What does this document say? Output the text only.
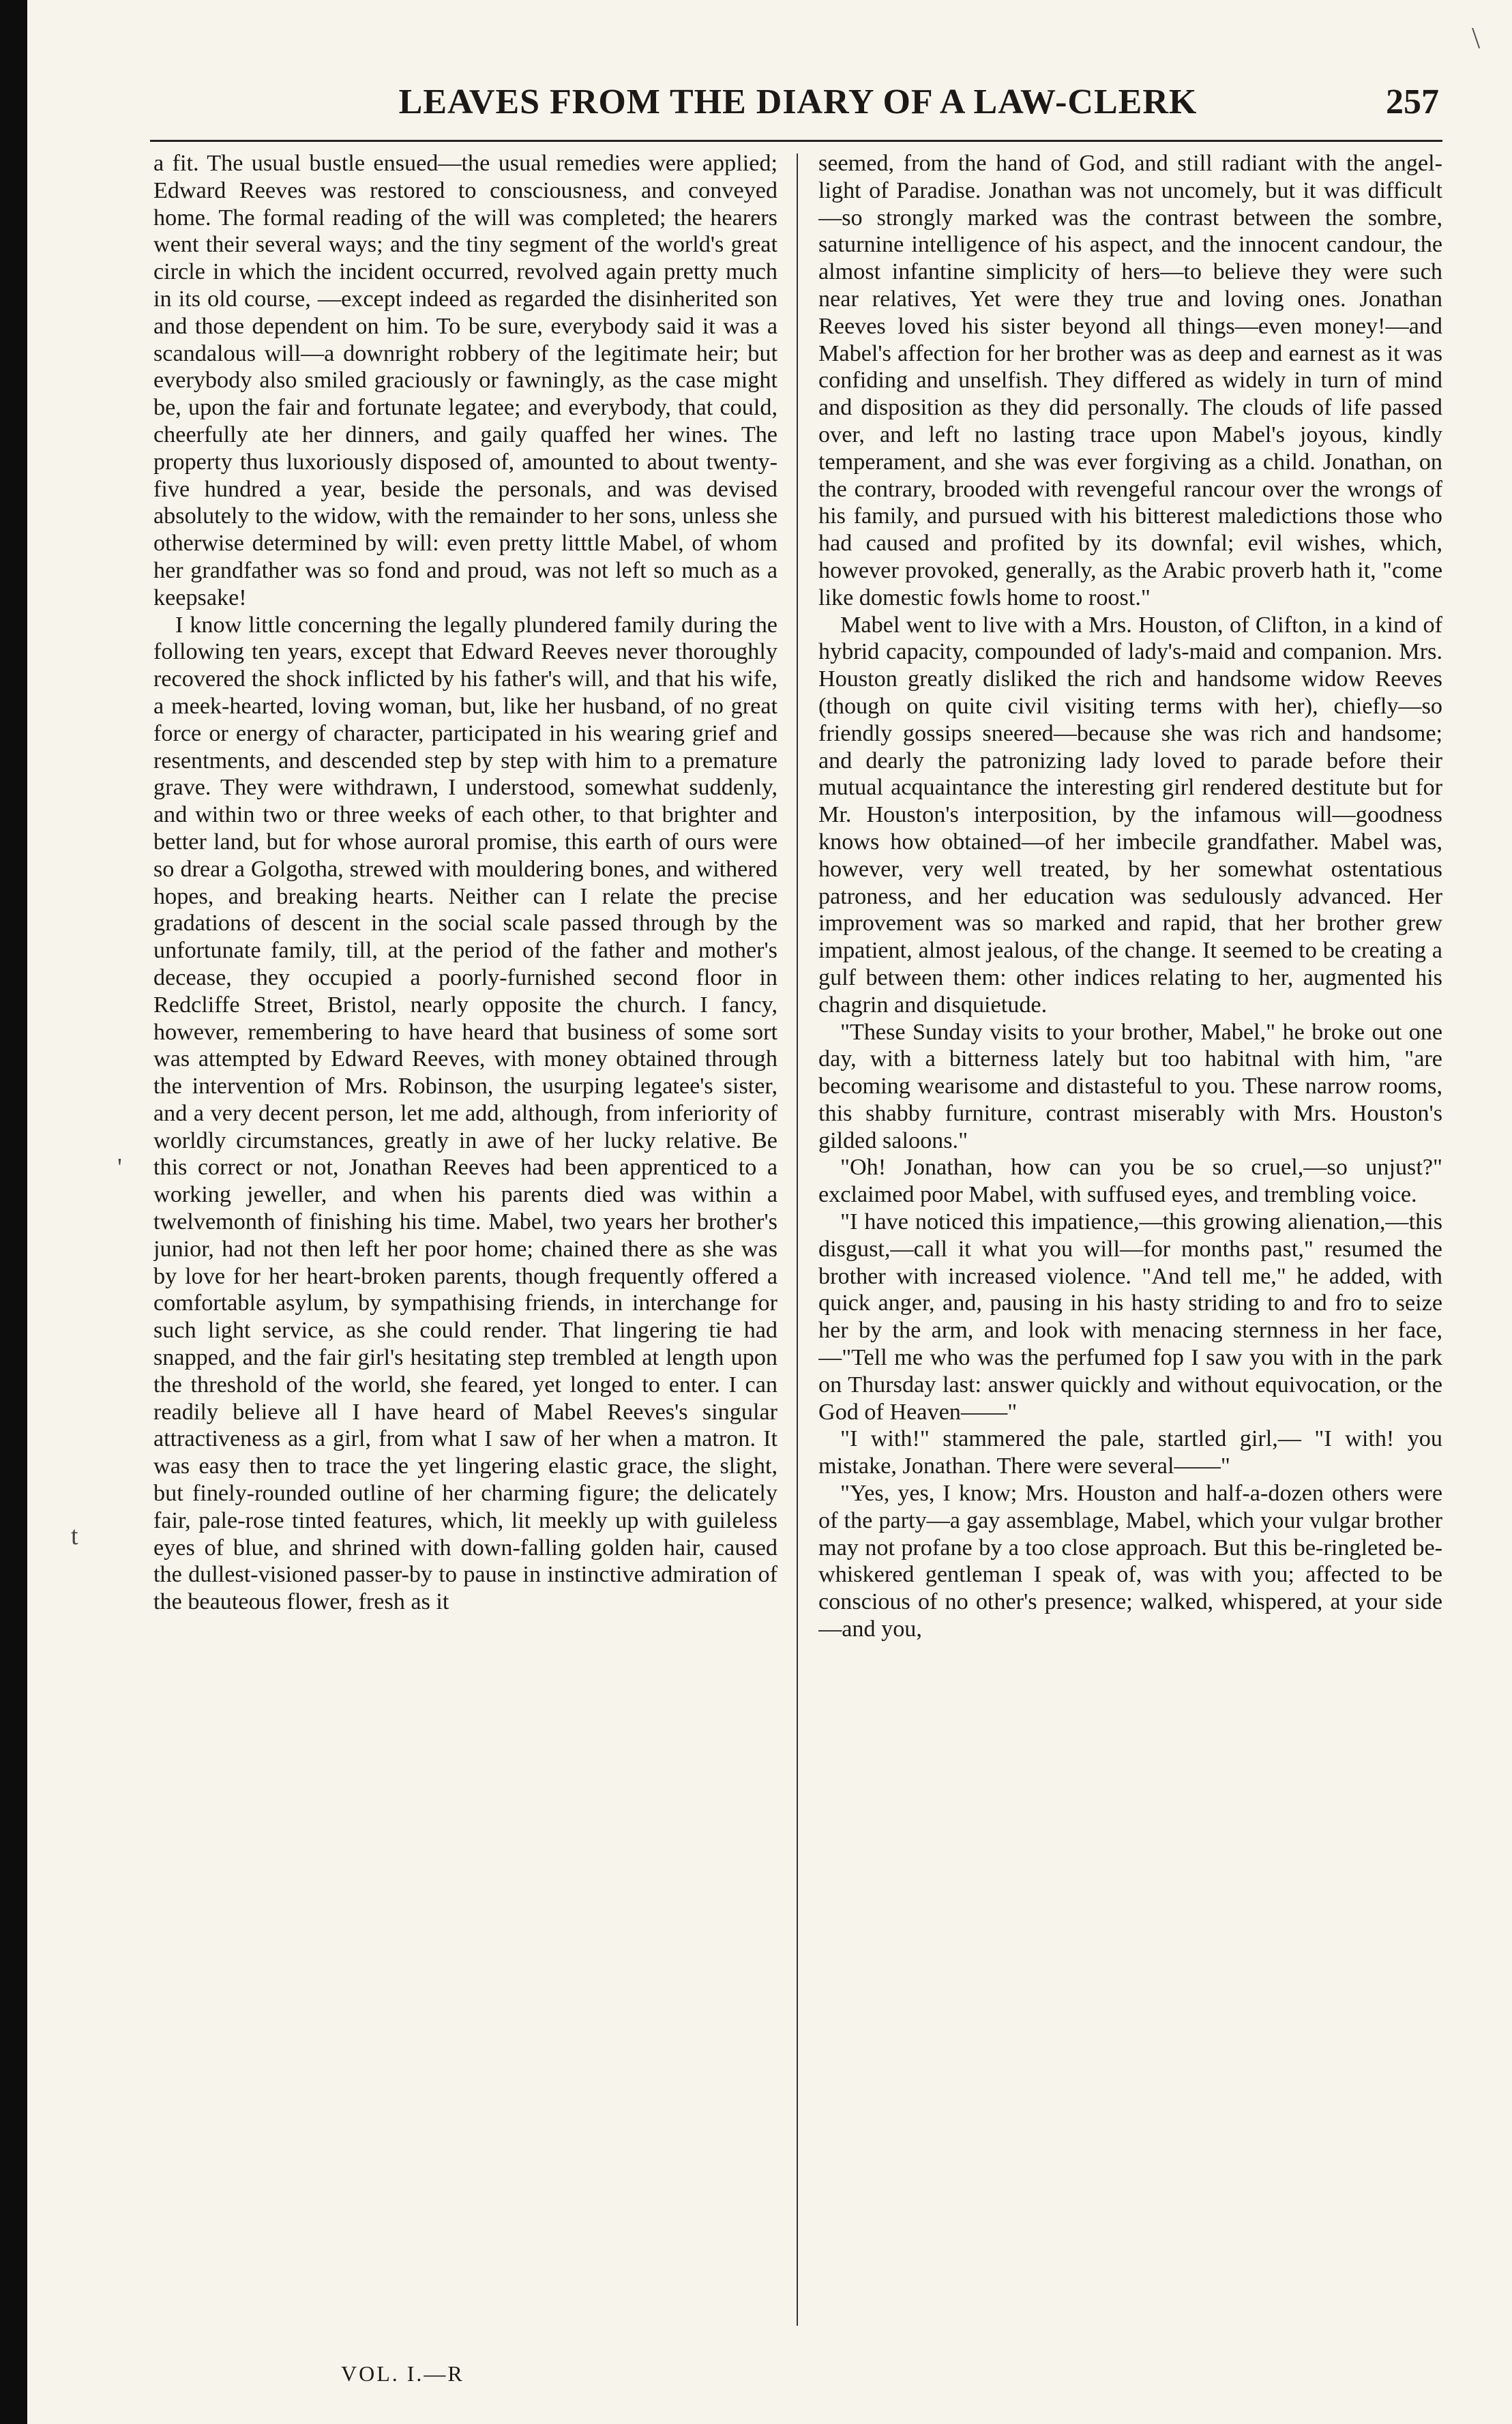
\
LEAVES FROM THE DIARY OF A LAW-CLERK	257

a fit. The usual bustle ensued—the usual remedies were applied; Edward Reeves was restored to consciousness, and conveyed home. The formal reading of the will was completed; the hearers went their several ways; and the tiny segment of the world's great circle in which the incident occurred, revolved again pretty much in its old course, —except indeed as regarded the disinherited son and those dependent on him. To be sure, everybody said it was a scandalous will—a downright robbery of the legitimate heir; but everybody also smiled graciously or fawningly, as the case might be, upon the fair and fortunate legatee; and everybody, that could, cheerfully ate her dinners, and gaily quaffed her wines. The property thus luxoriously disposed of, amounted to about twenty-five hundred a year, beside the personals, and was devised absolutely to the widow, with the remainder to her sons, unless she otherwise determined by will: even pretty litttle Mabel, of whom her grandfather was so fond and proud, was not left so much as a keepsake!

I know little concerning the legally plundered family during the following ten years, except that Edward Reeves never thoroughly recovered the shock inflicted by his father's will, and that his wife, a meek-hearted, loving woman, but, like her husband, of no great force or energy of character, participated in his wearing grief and resentments, and descended step by step with him to a premature grave. They were withdrawn, I understood, somewhat suddenly, and within two or three weeks of each other, to that brighter and better land, but for whose auroral promise, this earth of ours were so drear a Golgotha, strewed with mouldering bones, and withered hopes, and breaking hearts. Neither can I relate the precise gradations of descent in the social scale passed through by the unfortunate family, till, at the period of the father and mother's decease, they occupied a poorly-furnished second floor in Redcliffe Street, Bristol, nearly opposite the church. I fancy, however, remembering to have heard that business of some sort was attempted by Edward Reeves, with money obtained through the intervention of Mrs. Robinson, the usurping legatee's sister, and a very decent person, let me add, although, from inferiority of worldly circumstances, greatly in awe of her lucky relative. Be this correct or not, Jonathan Reeves had been apprenticed to a working jeweller, and when his parents died was within a twelvemonth of finishing his time. Mabel, two years her brother's junior, had not then left her poor home; chained there as she was by love for her heart-broken parents, though frequently offered a comfortable asylum, by sympathising friends, in interchange for such light service, as she could render. That lingering tie had snapped, and the fair girl's hesitating step trembled at length upon the threshold of the world, she feared, yet longed to enter. I can readily believe all I have heard of Mabel Reeves's singular attractiveness as a girl, from what I saw of her when a matron. It was easy then to trace the yet lingering elastic grace, the slight, but finely-rounded outline of her charming figure; the delicately fair, pale-rose tinted features, which, lit meekly up with guileless eyes of blue, and shrined with down-falling golden hair, caused the dullest-visioned passer-by to pause in instinctive admiration of the beauteous flower, fresh as it

seemed, from the hand of God, and still radiant with the angel-light of Paradise. Jonathan was not uncomely, but it was difficult—so strongly marked was the contrast between the sombre, saturnine intelligence of his aspect, and the innocent candour, the almost infantine simplicity of hers—to believe they were such near relatives, Yet were they true and loving ones. Jonathan Reeves loved his sister beyond all things—even money!—and Mabel's affection for her brother was as deep and earnest as it was confiding and unselfish. They differed as widely in turn of mind and disposition as they did personally. The clouds of life passed over, and left no lasting trace upon Mabel's joyous, kindly temperament, and she was ever forgiving as a child. Jonathan, on the contrary, brooded with revengeful rancour over the wrongs of his family, and pursued with his bitterest maledictions those who had caused and profited by its downfal; evil wishes, which, however provoked, generally, as the Arabic proverb hath it, "come like domestic fowls home to roost."

Mabel went to live with a Mrs. Houston, of Clifton, in a kind of hybrid capacity, compounded of lady's-maid and companion. Mrs. Houston greatly disliked the rich and handsome widow Reeves (though on quite civil visiting terms with her), chiefly—so friendly gossips sneered—because she was rich and handsome; and dearly the patronizing lady loved to parade before their mutual acquaintance the interesting girl rendered destitute but for Mr. Houston's interposition, by the infamous will—goodness knows how obtained—of her imbecile grandfather. Mabel was, however, very well treated, by her somewhat ostentatious patroness, and her education was sedulously advanced. Her improvement was so marked and rapid, that her brother grew impatient, almost jealous, of the change. It seemed to be creating a gulf between them: other indices relating to her, augmented his chagrin and disquietude.

"These Sunday visits to your brother, Mabel," he broke out one day, with a bitterness lately but too habitnal with him, "are becoming wearisome and distasteful to you. These narrow rooms, this shabby furniture, contrast miserably with Mrs. Houston's gilded saloons."

"Oh! Jonathan, how can you be so cruel,—so unjust?" exclaimed poor Mabel, with suffused eyes, and trembling voice.

"I have noticed this impatience,—this growing alienation,—this disgust,—call it what you will—for months past," resumed the brother with increased violence. "And tell me," he added, with quick anger, and, pausing in his hasty striding to and fro to seize her by the arm, and look with menacing sternness in her face,—"Tell me who was the perfumed fop I saw you with in the park on Thursday last: answer quickly and without equivocation, or the God of Heaven——"

"I with!" stammered the pale, startled girl,— "I with! you mistake, Jonathan. There were several——"

"Yes, yes, I know; Mrs. Houston and half-a-dozen others were of the party—a gay assemblage, Mabel, which your vulgar brother may not profane by a too close approach. But this be-ringleted be-whiskered gentleman I speak of, was with you; affected to be conscious of no other's presence; walked, whispered, at your side—and you,

'
t
VOL. I.—R
